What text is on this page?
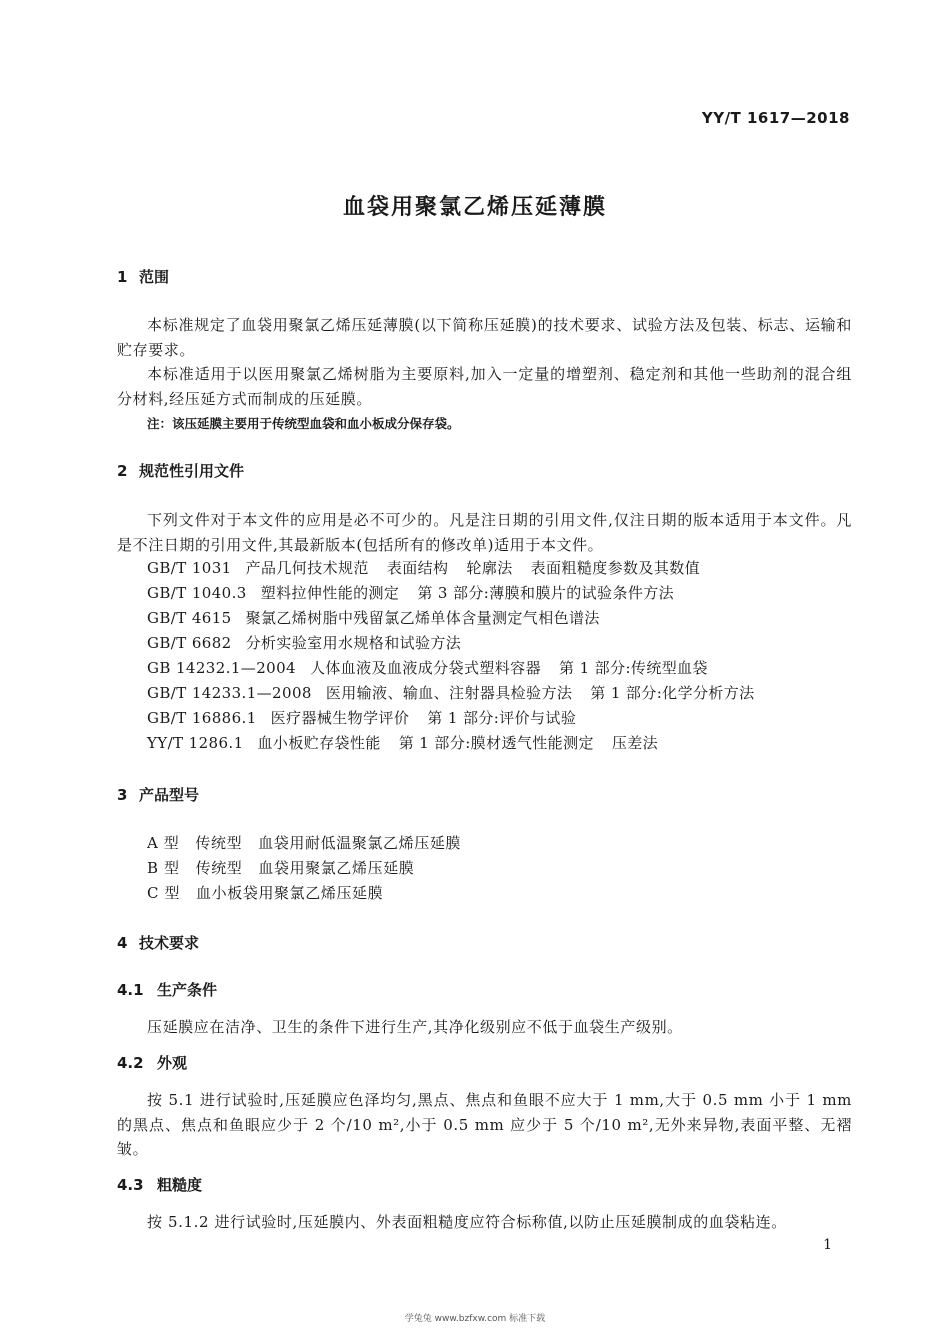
YY/T 1617—2018
血袋用聚氯乙烯压延薄膜
1 范围
本标准规定了血袋用聚氯乙烯压延薄膜(以下简称压延膜)的技术要求、试验方法及包装、标志、运输和贮存要求。
本标准适用于以医用聚氯乙烯树脂为主要原料,加入一定量的增塑剂、稳定剂和其他一些助剂的混合组分材料,经压延方式而制成的压延膜。
注：该压延膜主要用于传统型血袋和血小板成分保存袋。
2 规范性引用文件
下列文件对于本文件的应用是必不可少的。凡是注日期的引用文件,仅注日期的版本适用于本文件。凡是不注日期的引用文件,其最新版本(包括所有的修改单)适用于本文件。
GB/T 1031 产品几何技术规范 表面结构 轮廓法 表面粗糙度参数及其数值
GB/T 1040.3 塑料拉伸性能的测定 第 3 部分:薄膜和膜片的试验条件方法
GB/T 4615 聚氯乙烯树脂中残留氯乙烯单体含量测定气相色谱法
GB/T 6682 分析实验室用水规格和试验方法
GB 14232.1—2004 人体血液及血液成分袋式塑料容器 第 1 部分:传统型血袋
GB/T 14233.1—2008 医用输液、输血、注射器具检验方法 第 1 部分:化学分析方法
GB/T 16886.1 医疗器械生物学评价 第 1 部分:评价与试验
YY/T 1286.1 血小板贮存袋性能 第 1 部分:膜材透气性能测定 压差法
3 产品型号
A 型 传统型 血袋用耐低温聚氯乙烯压延膜
B 型 传统型 血袋用聚氯乙烯压延膜
C 型 血小板袋用聚氯乙烯压延膜
4 技术要求
4.1 生产条件
压延膜应在洁净、卫生的条件下进行生产,其净化级别应不低于血袋生产级别。
4.2 外观
按 5.1 进行试验时,压延膜应色泽均匀,黑点、焦点和鱼眼不应大于 1 mm,大于 0.5 mm 小于 1 mm 的黑点、焦点和鱼眼应少于 2 个/10 m²,小于 0.5 mm 应少于 5 个/10 m²,无外来异物,表面平整、无褶皱。
4.3 粗糙度
按 5.1.2 进行试验时,压延膜内、外表面粗糙度应符合标称值,以防止压延膜制成的血袋粘连。
1
学兔兔 www.bzfxw.com 标准下载
